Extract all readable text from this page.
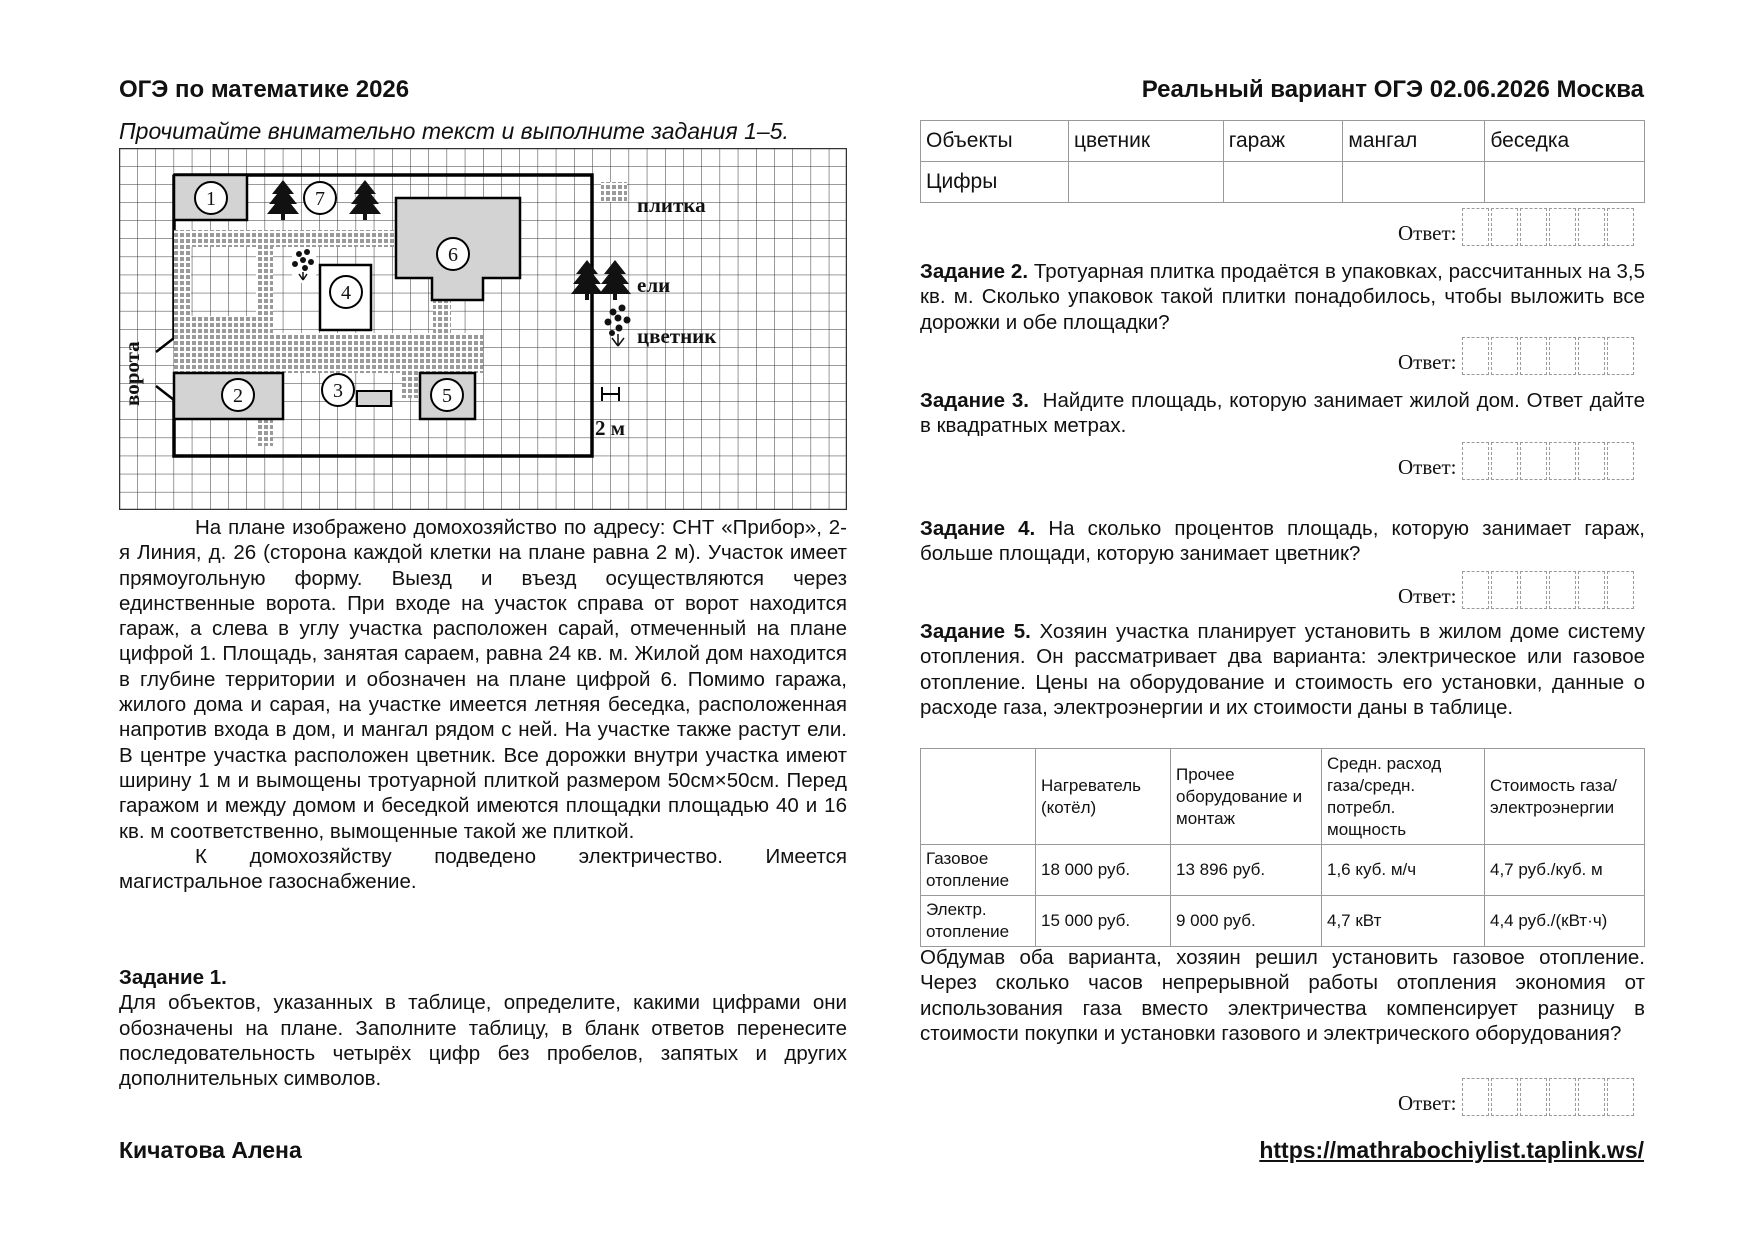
ОГЭ по математике 2026	Реальный вариант ОГЭ 02.06.2026 Москва
Прочитайте внимательно текст и выполните задания 1–5.
1
2	3
4
5
6
7	плитка
ели
цветник
2 м
ворота

На плане изображено домохозяйство по адресу: СНТ «Прибор», 2-я Линия, д. 26 (сторона каждой клетки на плане равна 2 м). Участок имеет прямоугольную форму. Выезд и въезд осуществляются через единственные ворота. При входе на участок справа от ворот находится гараж, а слева в углу участка расположен сарай, отмеченный на плане цифрой 1. Площадь, занятая сараем, равна 24 кв. м. Жилой дом находится в глубине территории и обозначен на плане цифрой 6. Помимо гаража, жилого дома и сарая, на участке имеется летняя беседка, расположенная напротив входа в дом, и мангал рядом с ней. На участке также растут ели. В центре участка расположен цветник. Все дорожки внутри участка имеют ширину 1 м и вымощены тротуарной плиткой размером 50см×50см. Перед гаражом и между домом и беседкой имеются площадки площадью 40 и 16 кв. м соответственно, вымощенные такой же плиткой.

К домохозяйству подведено электричество. Имеется магистральное газоснабжение.

Задание 1.

Для объектов, указанных в таблице, определите, какими цифрами они обозначены на плане. Заполните таблицу, в бланк ответов перенесите последовательность четырёх цифр без пробелов, запятых и других дополнительных символов.

Объекты	цветник	гараж	мангал	беседка
Цифры				
Ответ:

Задание 2. Тротуарная плитка продаётся в упаковках, рассчитанных на 3,5 кв. м. Сколько упаковок такой плитки понадобилось, чтобы выложить все дорожки и обе площадки?

Ответ:

Задание 3. Найдите площадь, которую занимает жилой дом. Ответ дайте в квадратных метрах.

Ответ:

Задание 4. На сколько процентов площадь, которую занимает гараж, больше площади, которую занимает цветник?

Ответ:

Задание 5. Хозяин участка планирует установить в жилом доме систему отопления. Он рассматривает два варианта: электрическое или газовое отопление. Цены на оборудование и стоимость его установки, данные о расходе газа, электроэнергии и их стоимости даны в таблице.

	Нагреватель (котёл)	Прочее оборудование и монтаж	Средн. расход газа/средн. потребл. мощность	Стоимость газа/ электроэнергии
Газовое отопление	18 000 руб.	13 896 руб.	1,6 куб. м/ч	4,7 руб./куб. м
Электр. отопление	15 000 руб.	9 000 руб.	4,7 кВт	4,4 руб./(кВт·ч)

Обдумав оба варианта, хозяин решил установить газовое отопление. Через сколько часов непрерывной работы отопления экономия от использования газа вместо электричества компенсирует разницу в стоимости покупки и установки газового и электрического оборудования?

Ответ:
Кичатова Алена	https://mathrabochiylist.taplink.ws/
